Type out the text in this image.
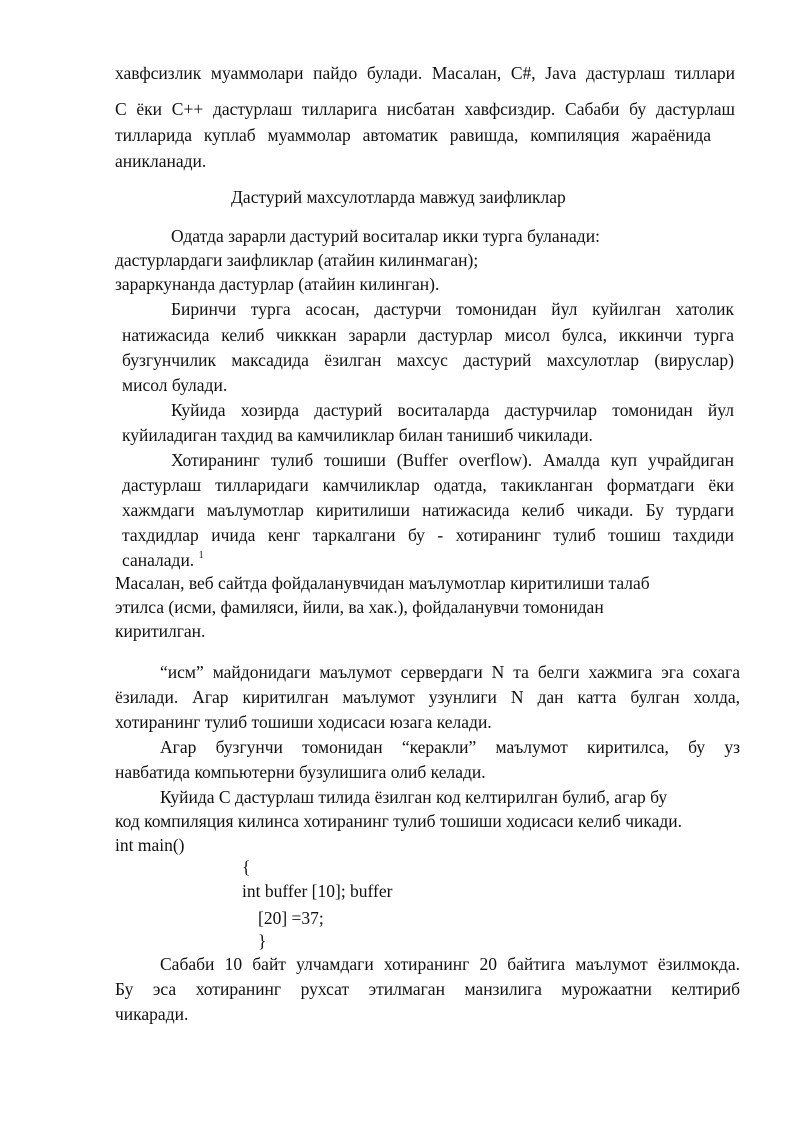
хавфсизлик муаммолари пайдо булади. Масалан, C#, Java дастурлаш тиллари
C ёки C++ дастурлаш тилларига нисбатан хавфсиздир. Сабаби бу дастурлаш
тилларида куплаб муаммолар автоматик равишда, компиляция жараёнида
аникланади.
Дастурий махсулотларда мавжуд заифликлар
Одатда зарарли дастурий воситалар икки турга буланади:
дастурлардаги заифликлар (атайин килинмаган);
зараркунанда дастурлар (атайин килинган).
Биринчи турга асосан, дастурчи томонидан йул куйилган хатолик
натижасида келиб чикккан зарарли дастурлар мисол булса, иккинчи турга
бузгунчилик максадида ёзилган махсус дастурий махсулотлар (вируслар)
мисол булади.
Куйида хозирда дастурий воситаларда дастурчилар томонидан йул
куйиладиган тахдид ва камчиликлар билан танишиб чикилади.
Хотиранинг тулиб тошиши (Buffer overflow). Амалда куп учрайдиган
дастурлаш тилларидаги камчиликлар одатда, такикланган форматдаги ёки
хажмдаги маълумотлар киритилиши натижасида келиб чикади. Бу турдаги
тахдидлар ичида кенг таркалгани бу - хотиранинг тулиб тошиш тахдиди
саналади. $^1$
Масалан, веб сайтда фойдаланувчидан маълумотлар киритилиши талаб
этилса (исми, фамиляси, йили, ва хак.), фойдаланувчи томонидан
киритилган.
“исм” майдонидаги маълумот сервердаги N та белги хажмига эга сохага
ёзилади. Агар киритилган маълумот узунлиги N дан катта булган холда,
хотиранинг тулиб тошиши ходисаси юзага келади.
Агар бузгунчи томонидан “керакли” маълумот киритилса, бу уз
навбатида компьютерни бузулишига олиб келади.
Куйида C дастурлаш тилида ёзилган код келтирилган булиб, агар бу
код компиляция килинса хотиранинг тулиб тошиши ходисаси келиб чикади.
int main()
{
int buffer [10]; buffer
[20] =37;
}
Сабаби 10 байт улчамдаги хотиранинг 20 байтига маълумот ёзилмокда.
Бу эса хотиранинг рухсат этилмаган манзилига мурожаатни келтириб
чикаради.
